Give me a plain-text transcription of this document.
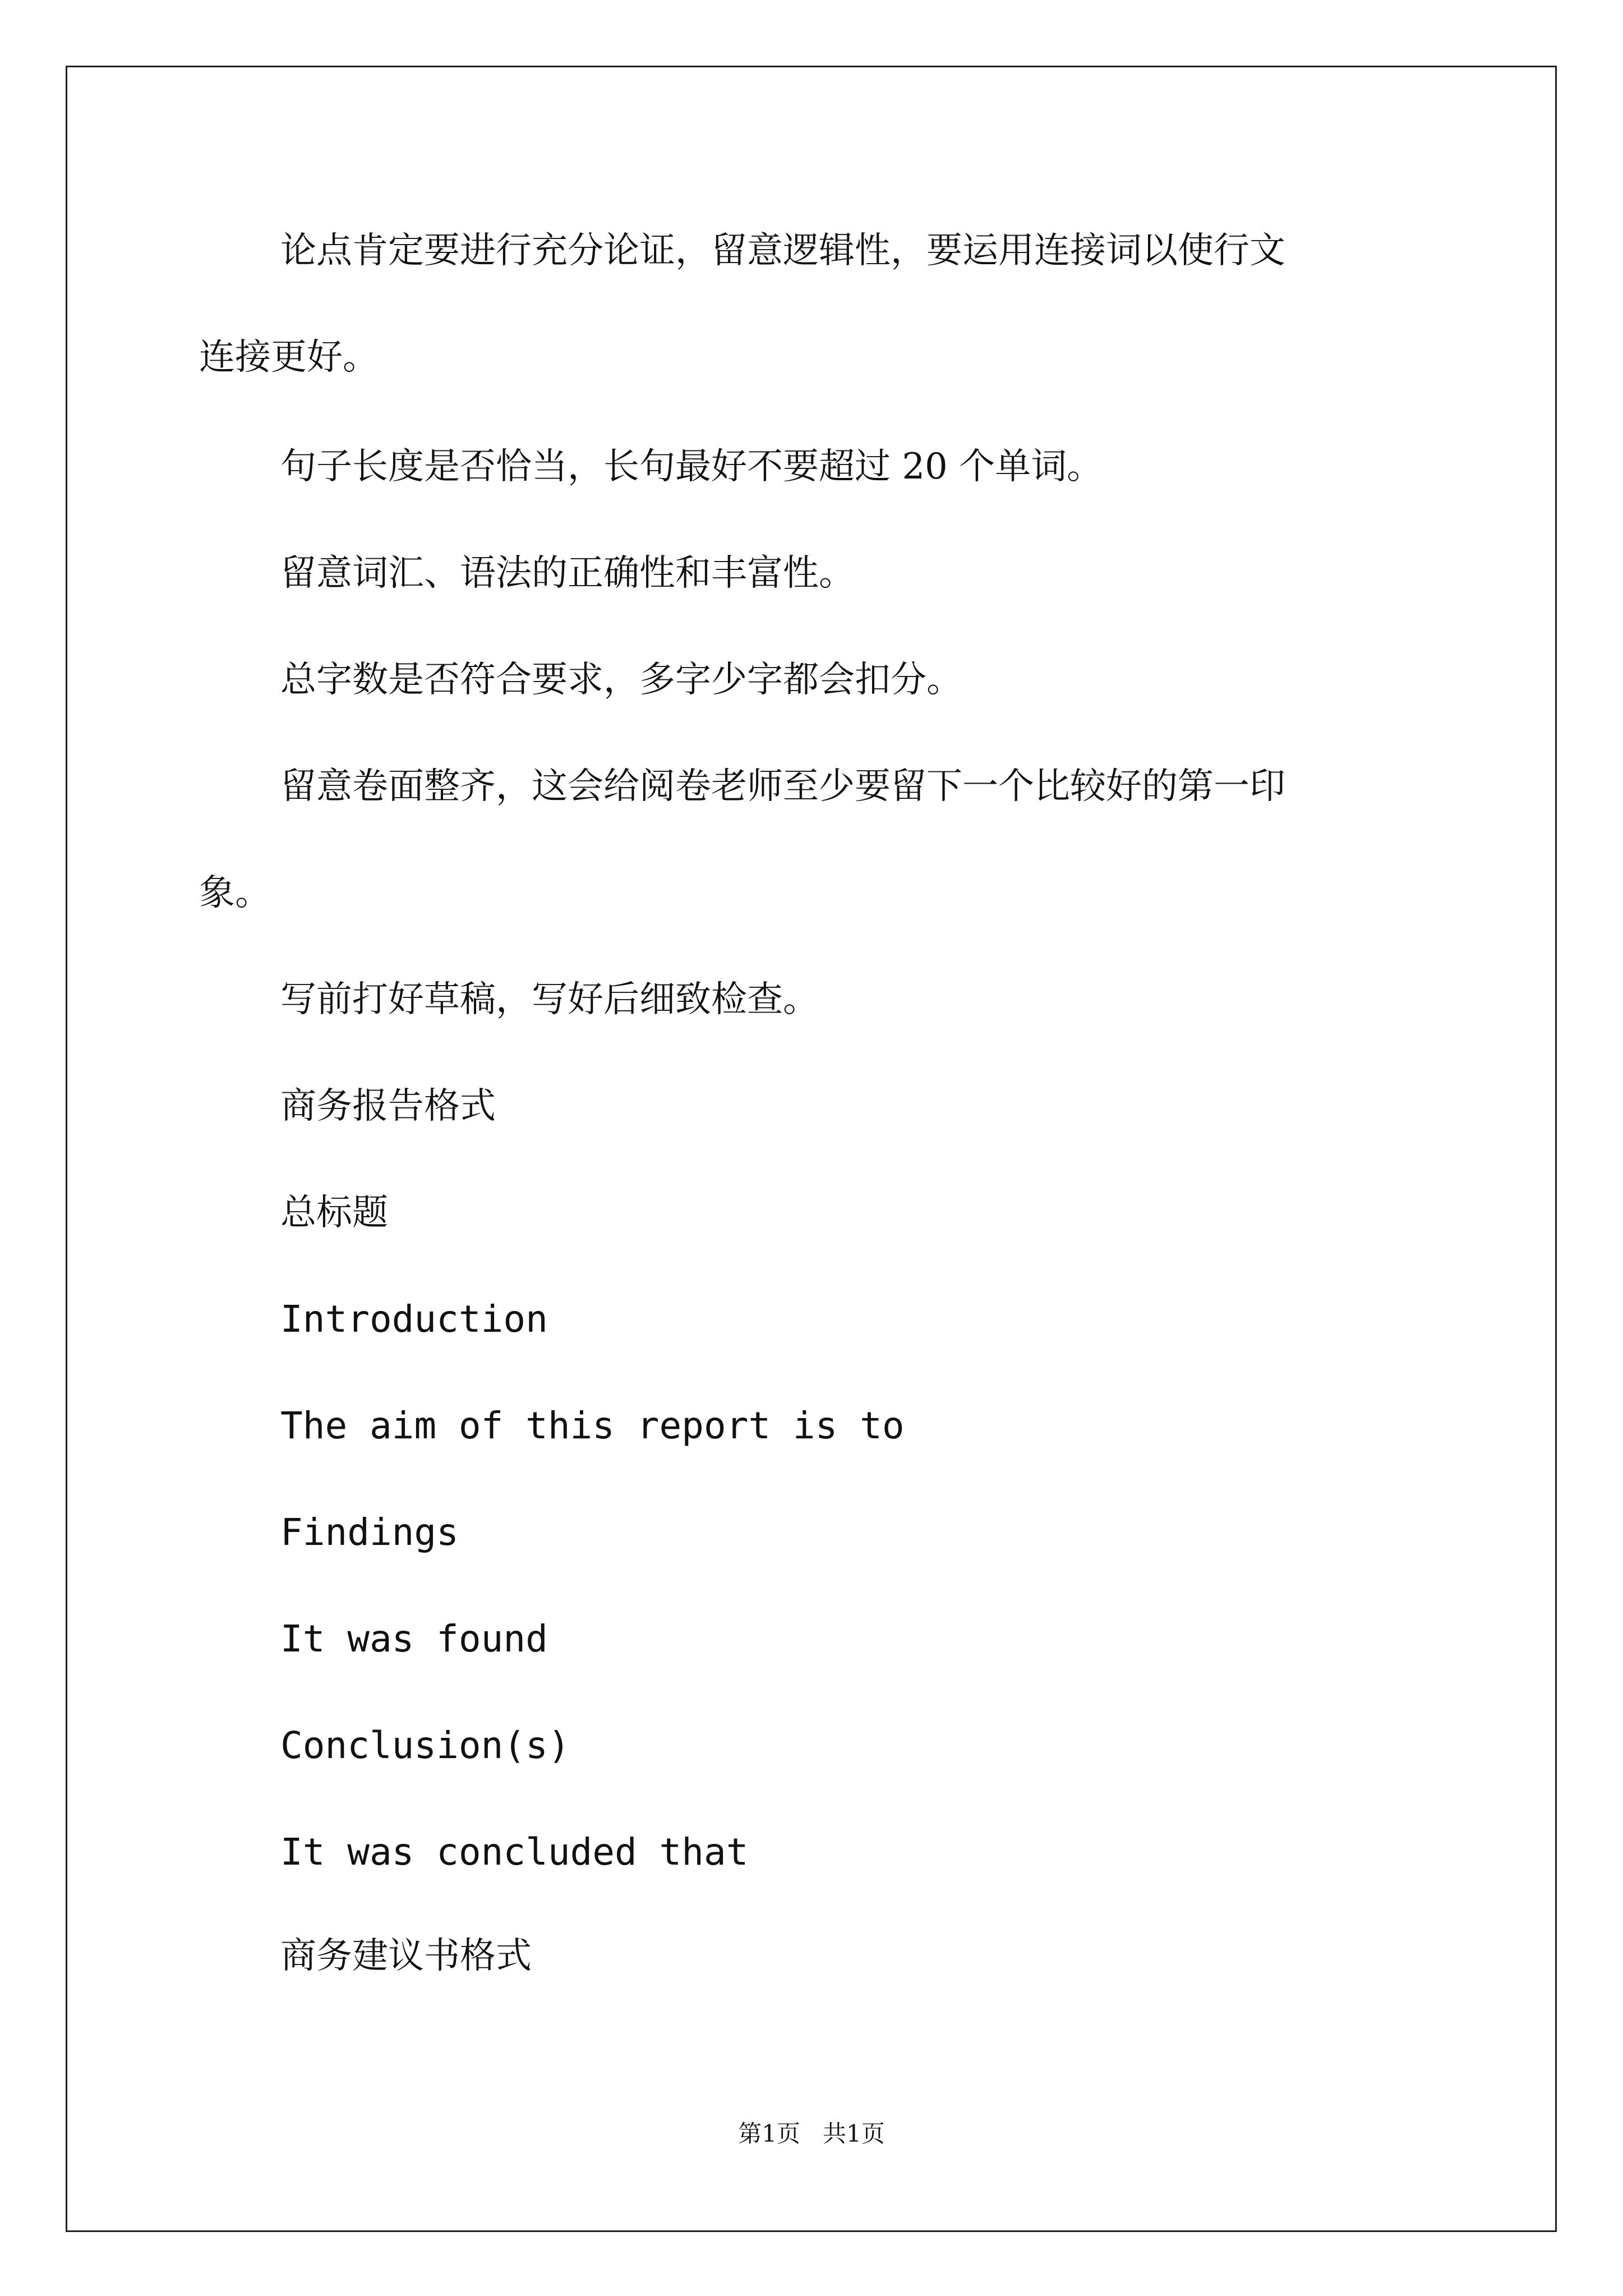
论点肯定要进行充分论证，留意逻辑性，要运用连接词以使行文
连接更好。
句子长度是否恰当，长句最好不要超过 20 个单词。
留意词汇、语法的正确性和丰富性。
总字数是否符合要求，多字少字都会扣分。
留意卷面整齐，这会给阅卷老师至少要留下一个比较好的第一印
象。
写前打好草稿，写好后细致检查。
商务报告格式
总标题
Introduction
The aim of this report is to
Findings
It was found
Conclusion(s)
It was concluded that
商务建议书格式
第1页   共1页
